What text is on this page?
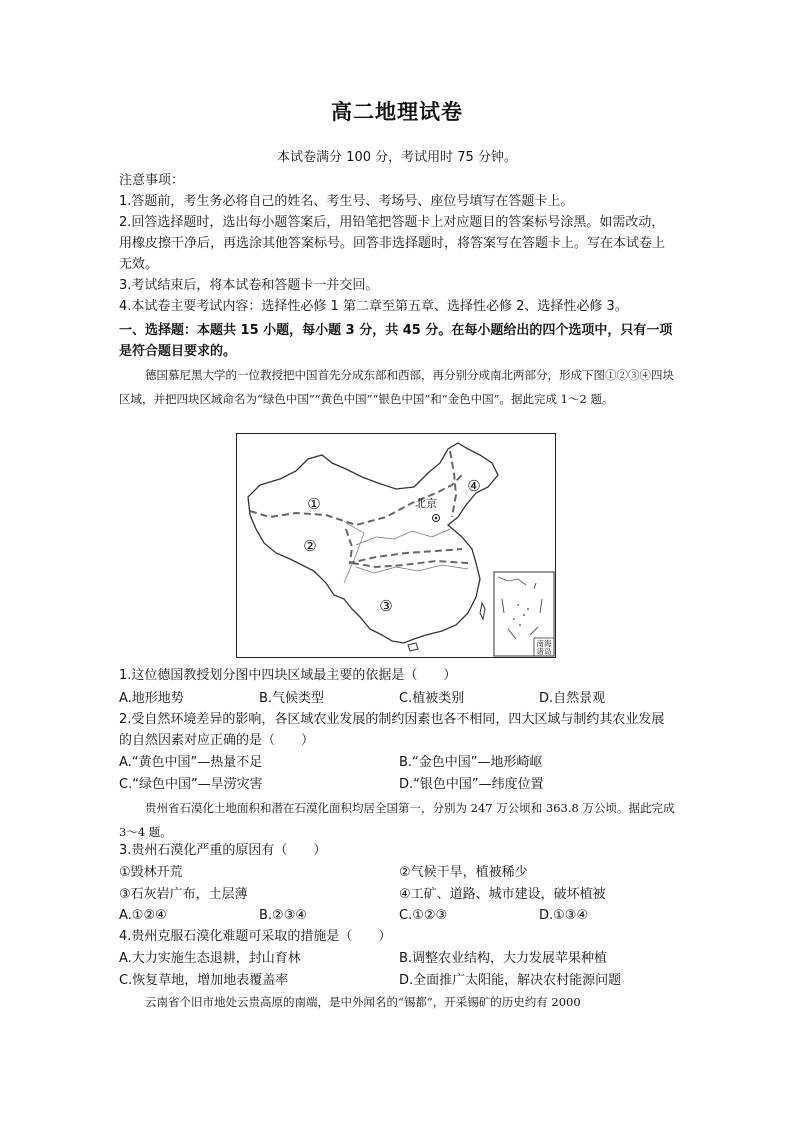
高二地理试卷
本试卷满分 100 分，考试用时 75 分钟。
注意事项：
1.答题前，考生务必将自己的姓名、考生号、考场号、座位号填写在答题卡上。
2.回答选择题时，选出每小题答案后，用铅笔把答题卡上对应题目的答案标号涂黑。如需改动，用橡皮擦干净后，再选涂其他答案标号。回答非选择题时，将答案写在答题卡上。写在本试卷上无效。
3.考试结束后，将本试卷和答题卡一并交回。
4.本试卷主要考试内容：选择性必修 1 第二章至第五章、选择性必修 2、选择性必修 3。
一、选择题：本题共 15 小题，每小题 3 分，共 45 分。在每小题给出的四个选项中，只有一项是符合题目要求的。
德国慕尼黑大学的一位教授把中国首先分成东部和西部，再分别分成南北两部分，形成下图①②③④四块区域，并把四块区域命名为“绿色中国”“黄色中国”“银色中国”和“金色中国”。据此完成 1～2 题。
北京
①
②
③
④
南海
诸岛
1.这位德国教授划分图中四块区域最主要的依据是（　　）
A.地形地势	B.气候类型	C.植被类别	D.自然景观
2.受自然环境差异的影响，各区域农业发展的制约因素也各不相同，四大区域与制约其农业发展的自然因素对应正确的是（　　）
A.“黄色中国”—热量不足	B.“金色中国”—地形崎岖
C.“绿色中国”—旱涝灾害	D.“银色中国”—纬度位置
贵州省石漠化土地面积和潜在石漠化面积均居全国第一，分别为 247 万公顷和 363.8 万公顷。据此完成 3～4 题。
3.贵州石漠化严重的原因有（　　）
①毁林开荒	②气候干旱，植被稀少
③石灰岩广布，土层薄	④工矿、道路、城市建设，破坏植被
A.①②④	B.②③④	C.①②③	D.①③④
4.贵州克服石漠化难题可采取的措施是（　　）
A.大力实施生态退耕，封山育林	B.调整农业结构，大力发展苹果种植
C.恢复草地，增加地表覆盖率	D.全面推广太阳能，解决农村能源问题
云南省个旧市地处云贵高原的南端，是中外闻名的“锡都”，开采锡矿的历史约有 2000
